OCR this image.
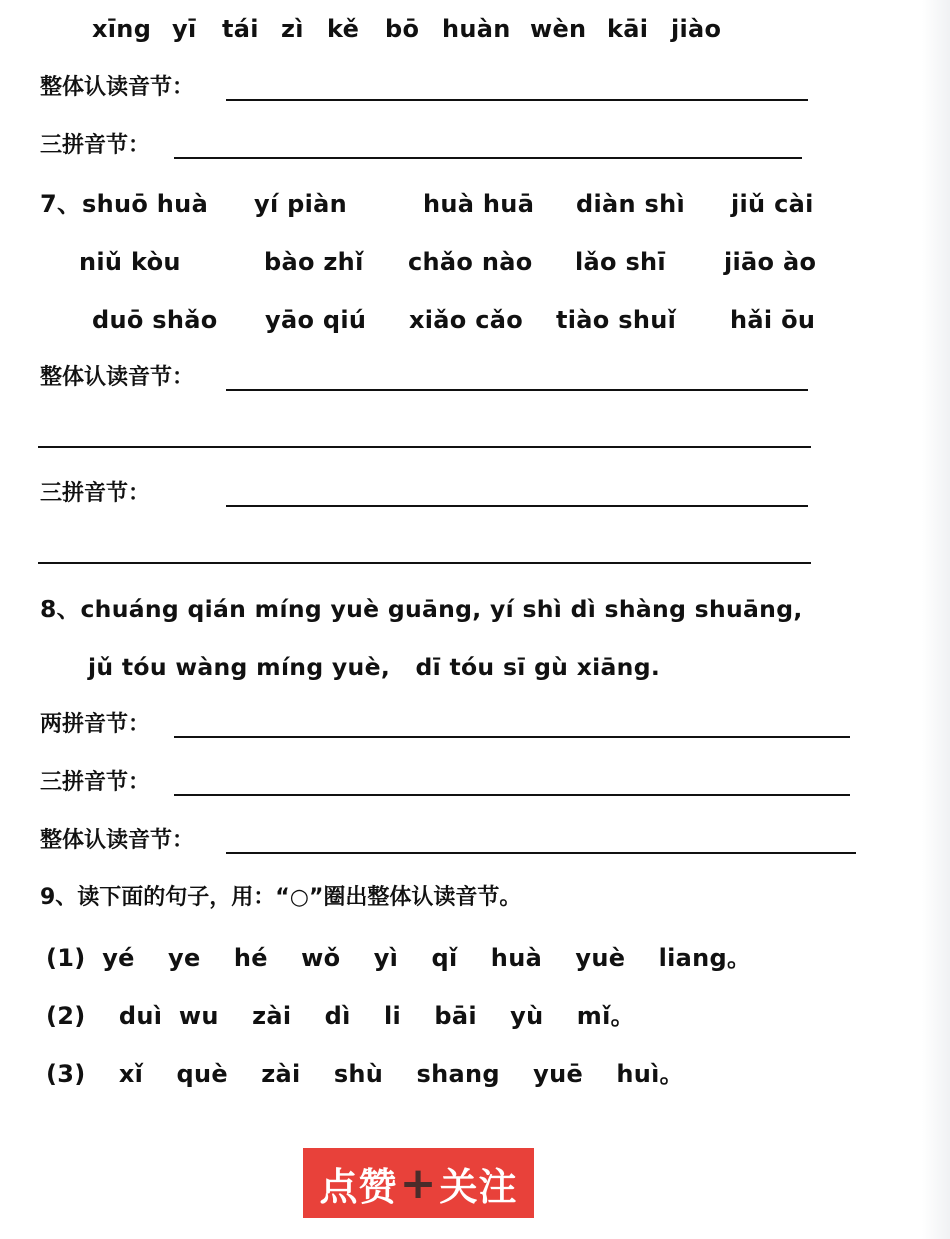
xīng yī tái zì kě bō huàn wèn kāi jiào
整体认读音节：
三拼音节：
7、 shuō huà yí piàn	huà huā diàn shì jiǔ cài
niǔ kòu	bào zhǐ chǎo nào lǎo shī jiāo ào
duō shǎo yāo qiú xiǎo cǎo tiào shuǐ hǎi ōu
整体认读音节：
三拼音节：
8、chuáng qián míng yuè guāng, yí shì dì shàng shuāng,
jǔ tóu wàng míng yuè,   dī tóu sī gù xiāng.
两拼音节：
三拼音节：
整体认读音节：
9、读下面的句子，用：“○”圈出整体认读音节。
(1) yé  ye  hé  wǒ  yì  qǐ  huà  yuè  liang。
(2)  duì wu  zài  dì  li  bāi  yù  mǐ。
(3)  xǐ  què  zài  shù  shang  yuē  huì。
点赞 + 关注
